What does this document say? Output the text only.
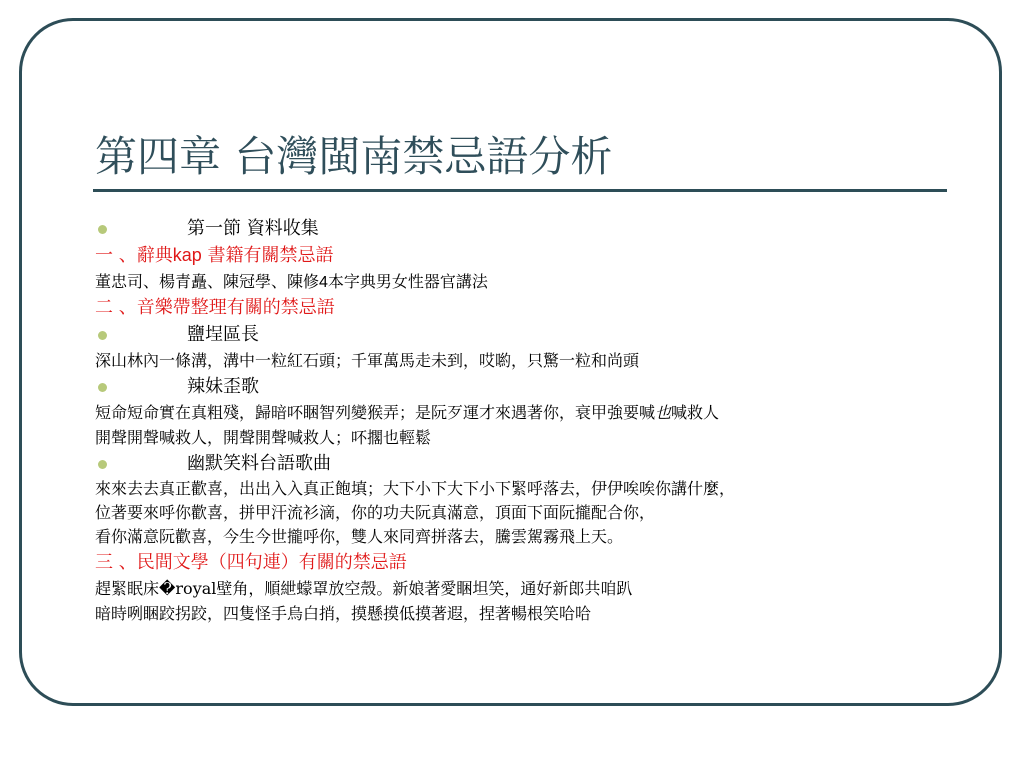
第四章 台灣閩南禁忌語分析
第一節 資料收集
一 、辭典kap 書籍有關禁忌語
董忠司、楊青矗、陳冠學、陳修4本字典男女性器官講法
二 、音樂帶整理有關的禁忌語
鹽埕區長
深山林內一條溝，溝中一粒紅石頭；千軍萬馬走未到，哎喲，只驚一粒和尚頭
辣妹歪歌
短命短命實在真粗殘，歸暗吥睏智列變猴弄；是阮歹運才來遇著你，衰甲強要喊也喊救人
開聲開聲喊救人，開聲開聲喊救人；吥擱也輕鬆
幽默笑料台語歌曲
來來去去真正歡喜，出出入入真正飽填；大下小下大下小下緊呼落去，伊伊唉唉你講什麼，
位著要來呼你歡喜，拼甲汗流衫滴，你的功夫阮真滿意，頂面下面阮攏配合你，
看你滿意阮歡喜，今生今世攏呼你，雙人來同齊拼落去，騰雲駕霧飛上天。
三 、民間文學（四句連）有關的禁忌語
趕緊眠床�royal壁角，順紲蠓罩放空殼。新娘著愛睏坦笑，通好新郎共咱趴
暗時咧睏跤拐跤，四隻怪手烏白捎，摸懸摸低摸著遐，捏著暢根笑哈哈
